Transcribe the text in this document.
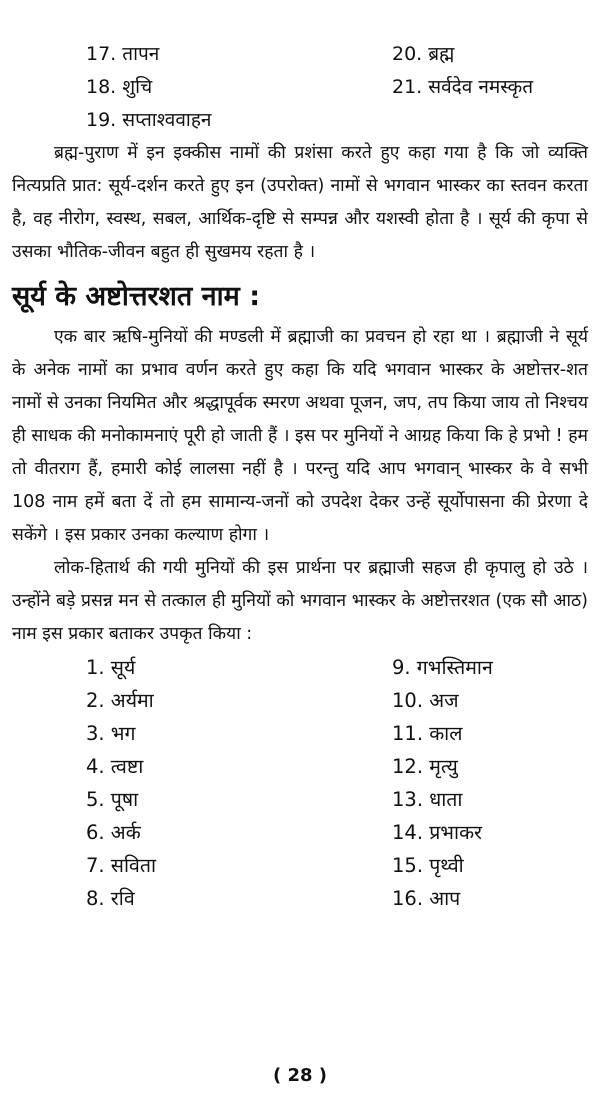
17. तापन	20. ब्रह्म
18. शुचि	21. सर्वदेव नमस्कृत
19. सप्ताश्ववाहन

ब्रह्म-पुराण में इन इक्कीस नामों की प्रशंसा करते हुए कहा गया है कि जो व्यक्ति नित्यप्रति प्रात: सूर्य-दर्शन करते हुए इन (उपरोक्त) नामों से भगवान भास्कर का स्तवन करता है, वह नीरोग, स्वस्थ, सबल, आर्थिक-दृष्टि से सम्पन्न और यशस्वी होता है । सूर्य की कृपा से उसका भौतिक-जीवन बहुत ही सुखमय रहता है ।

सूर्य के अष्टोत्तरशत नाम :

एक बार ऋषि-मुनियों की मण्डली में ब्रह्माजी का प्रवचन हो रहा था । ब्रह्माजी ने सूर्य के अनेक नामों का प्रभाव वर्णन करते हुए कहा कि यदि भगवान भास्कर के अष्टोत्तर-शत नामों से उनका नियमित और श्रद्धापूर्वक स्मरण अथवा पूजन, जप, तप किया जाय तो निश्चय ही साधक की मनोकामनाएं पूरी हो जाती हैं । इस पर मुनियों ने आग्रह किया कि हे प्रभो ! हम तो वीतराग हैं, हमारी कोई लालसा नहीं है । परन्तु यदि आप भगवान् भास्कर के वे सभी 108 नाम हमें बता दें तो हम सामान्य-जनों को उपदेश देकर उन्हें सूर्योपासना की प्रेरणा दे सकेंगे । इस प्रकार उनका कल्याण होगा ।

लोक-हितार्थ की गयी मुनियों की इस प्रार्थना पर ब्रह्माजी सहज ही कृपालु हो उठे । उन्होंने बड़े प्रसन्न मन से तत्काल ही मुनियों को भगवान भास्कर के अष्टोत्तरशत (एक सौ आठ) नाम इस प्रकार बताकर उपकृत किया :

1. सूर्य	9. गभस्तिमान
2. अर्यमा	10. अज
3. भग	11. काल
4. त्वष्टा	12. मृत्यु
5. पूषा	13. धाता
6. अर्क	14. प्रभाकर
7. सविता	15. पृथ्वी
8. रवि	16. आप
( 28 )
